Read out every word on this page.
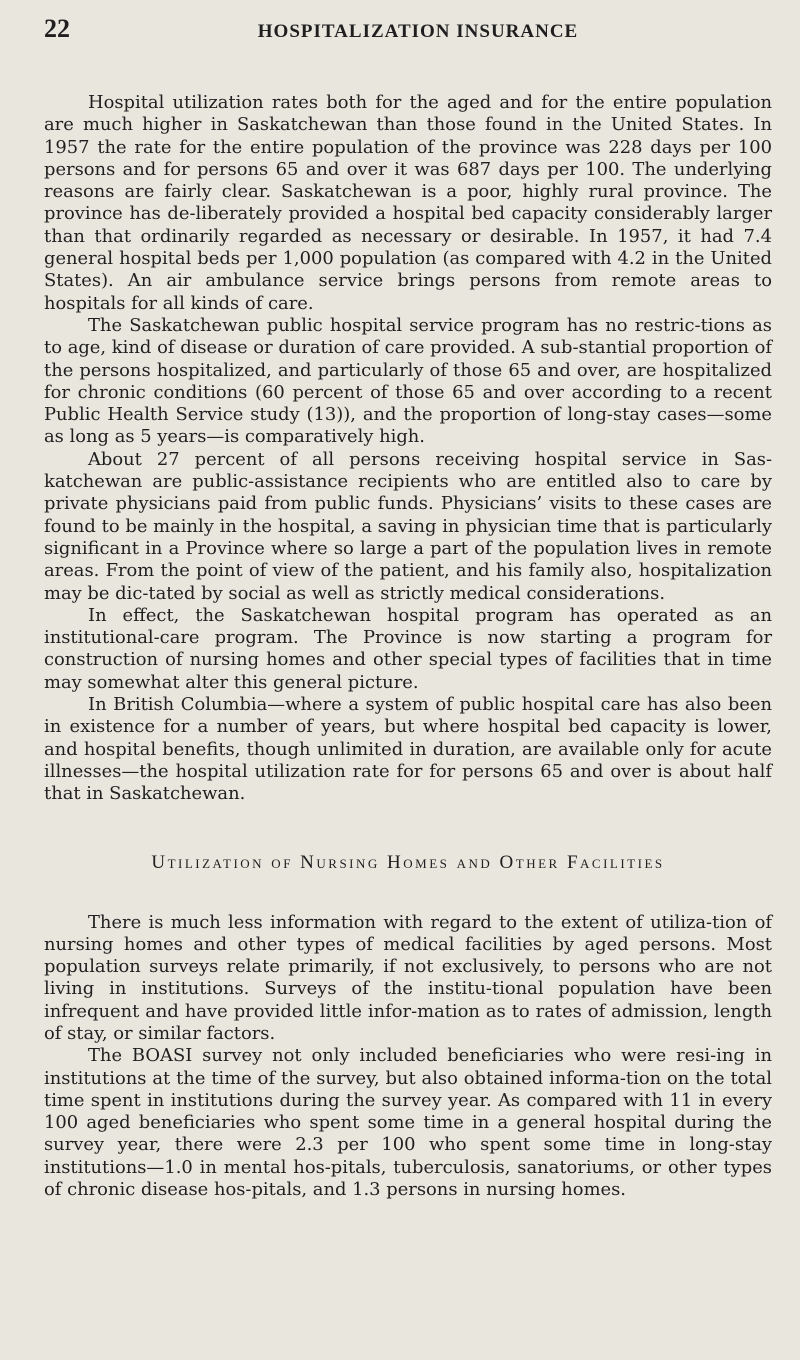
22	HOSPITALIZATION INSURANCE

Hospital utilization rates both for the aged and for the entire population are much higher in Saskatchewan than those found in the United States. In 1957 the rate for the entire population of the province was 228 days per 100 persons and for persons 65 and over it was 687 days per 100. The underlying reasons are fairly clear. Saskatchewan is a poor, highly rural province. The province has de-liberately provided a hospital bed capacity considerably larger than that ordinarily regarded as necessary or desirable. In 1957, it had 7.4 general hospital beds per 1,000 population (as compared with 4.2 in the United States). An air ambulance service brings persons from remote areas to hospitals for all kinds of care.

The Saskatchewan public hospital service program has no restric-tions as to age, kind of disease or duration of care provided. A sub-stantial proportion of the persons hospitalized, and particularly of those 65 and over, are hospitalized for chronic conditions (60 percent of those 65 and over according to a recent Public Health Service study (13)), and the proportion of long-stay cases—some as long as 5 years—is comparatively high.

About 27 percent of all persons receiving hospital service in Sas-katchewan are public-assistance recipients who are entitled also to care by private physicians paid from public funds. Physicians’ visits to these cases are found to be mainly in the hospital, a saving in physician time that is particularly significant in a Province where so large a part of the population lives in remote areas. From the point of view of the patient, and his family also, hospitalization may be dic-tated by social as well as strictly medical considerations.

In effect, the Saskatchewan hospital program has operated as an institutional-care program. The Province is now starting a program for construction of nursing homes and other special types of facilities that in time may somewhat alter this general picture.

In British Columbia—where a system of public hospital care has also been in existence for a number of years, but where hospital bed capacity is lower, and hospital benefits, though unlimited in duration, are available only for acute illnesses—the hospital utilization rate for for persons 65 and over is about half that in Saskatchewan.

Utilization of Nursing Homes and Other Facilities

There is much less information with regard to the extent of utiliza-tion of nursing homes and other types of medical facilities by aged persons. Most population surveys relate primarily, if not exclusively, to persons who are not living in institutions. Surveys of the institu-tional population have been infrequent and have provided little infor-mation as to rates of admission, length of stay, or similar factors.

The BOASI survey not only included beneficiaries who were resi-ing in institutions at the time of the survey, but also obtained informa-tion on the total time spent in institutions during the survey year. As compared with 11 in every 100 aged beneficiaries who spent some time in a general hospital during the survey year, there were 2.3 per 100 who spent some time in long-stay institutions—1.0 in mental hos-pitals, tuberculosis, sanatoriums, or other types of chronic disease hos-pitals, and 1.3 persons in nursing homes.
